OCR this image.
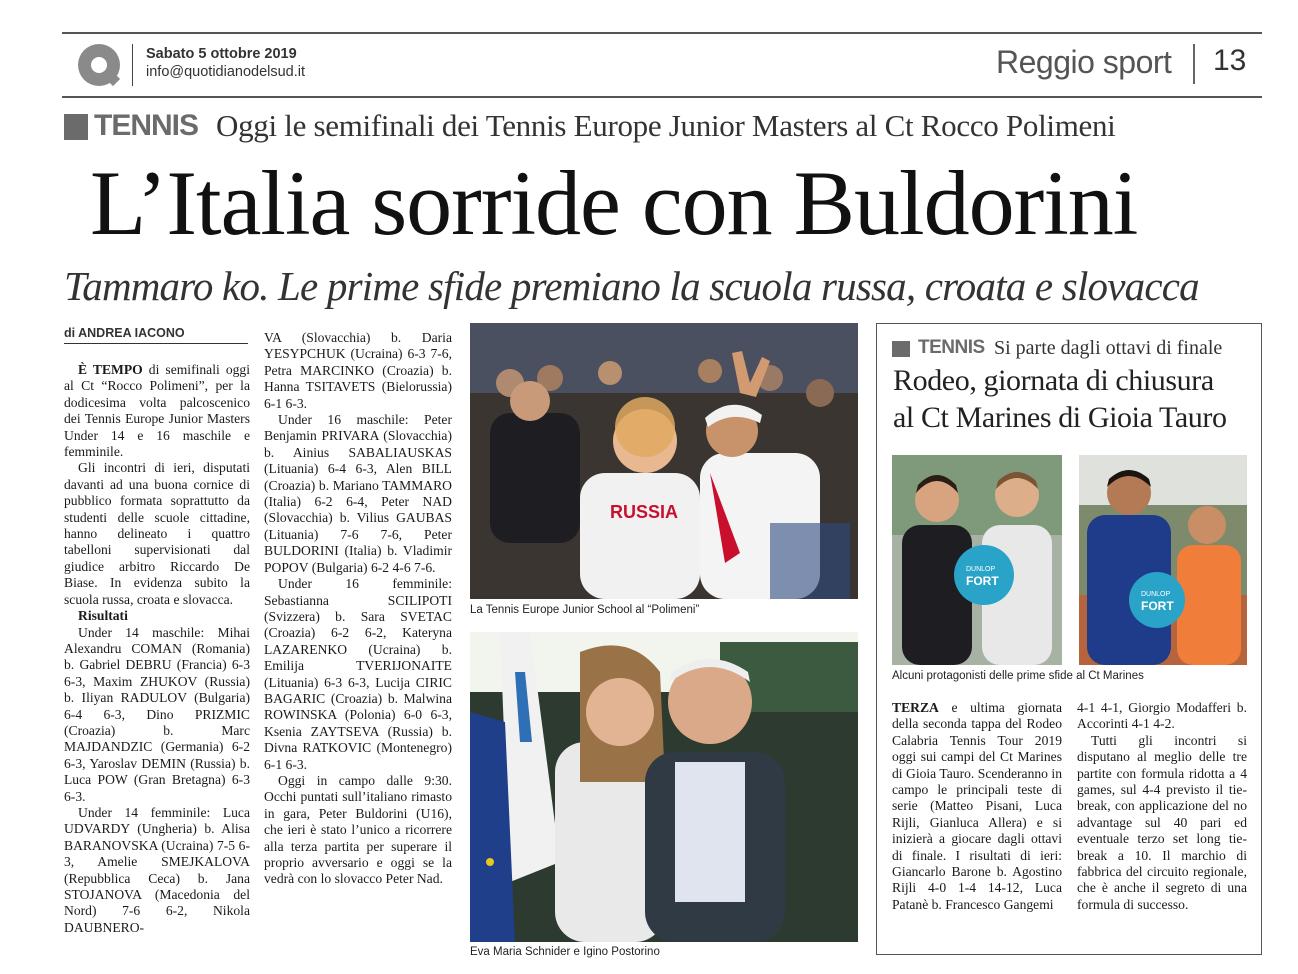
Sabato 5 ottobre 2019
info@quotidianodelsud.it	Reggio sport 13
TENNIS Oggi le semifinali dei Tennis Europe Junior Masters al Ct Rocco Polimeni
L’Italia sorride con Buldorini
Tammaro ko. Le prime sfide premiano la scuola russa, croata e slovacca
di ANDREA IACONO

È TEMPO di semifinali oggi al Ct “Rocco Polimeni”, per la dodicesima volta palcoscenico dei Tennis Europe Junior Masters Under 14 e 16 maschile e femminile.

Gli incontri di ieri, disputati davanti ad una buona cornice di pubblico formata soprattutto da studenti delle scuole cittadine, hanno delineato i quattro tabelloni supervisionati dal giudice arbitro Riccardo De Biase. In evidenza subito la scuola russa, croata e slovacca.

Risultati

Under 14 maschile: Mihai Alexandru COMAN (Romania) b. Gabriel DEBRU (Francia) 6-3 6-3, Maxim ZHUKOV (Russia) b. Iliyan RADULOV (Bulgaria) 6-4 6-3, Dino PRIZMIC (Croazia) b. Marc MAJDANDZIC (Germania) 6-2 6-3, Yaroslav DEMIN (Russia) b. Luca POW (Gran Bretagna) 6-3 6-3.

Under 14 femminile: Luca UDVARDY (Ungheria) b. Alisa BARANOVSKA (Ucraina) 7-5 6-3, Amelie SMEJKALOVA (Repubblica Ceca) b. Jana STOJANOVA (Macedonia del Nord) 7-6 6-2, Nikola DAUBNERO-

VA (Slovacchia) b. Daria YESYPCHUK (Ucraina) 6-3 7-6, Petra MARCINKO (Croazia) b. Hanna TSITAVETS (Bielorussia) 6-1 6-3.

Under 16 maschile: Peter Benjamin PRIVARA (Slovacchia) b. Ainius SABALIAUSKAS (Lituania) 6-4 6-3, Alen BILL (Croazia) b. Mariano TAMMARO (Italia) 6-2 6-4, Peter NAD (Slovacchia) b. Vilius GAUBAS (Lituania) 7-6 7-6, Peter BULDORINI (Italia) b. Vladimir POPOV (Bulgaria) 6-2 4-6 7-6.

Under 16 femminile: Sebastianna SCILIPOTI (Svizzera) b. Sara SVETAC (Croazia) 6-2 6-2, Kateryna LAZARENKO (Ucraina) b. Emilija TVERIJONAITE (Lituania) 6-3 6-3, Lucija CIRIC BAGARIC (Croazia) b. Malwina ROWINSKA (Polonia) 6-0 6-3, Ksenia ZAYTSEVA (Russia) b. Divna RATKOVIC (Montenegro) 6-1 6-3.

Oggi in campo dalle 9:30. Occhi puntati sull’italiano rimasto in gara, Peter Buldorini (U16), che ieri è stato l’unico a ricorrere alla terza partita per superare il proprio avversario e oggi se la vedrà con lo slovacco Peter Nad.

RUSSIA
La Tennis Europe Junior School al “Polimeni”
Eva Maria Schnider e Igino Postorino
TENNIS Si parte dagli ottavi di finale
Rodeo, giornata di chiusura
al Ct Marines di Gioia Tauro
DUNLOP
FORT
DUNLOP
FORT
Alcuni protagonisti delle prime sfide al Ct Marines

TERZA e ultima giornata della seconda tappa del Rodeo Calabria Tennis Tour 2019 oggi sui campi del Ct Marines di Gioia Tauro. Scenderanno in campo le principali teste di serie (Matteo Pisani, Luca Rijli, Gianluca Allera) e si inizierà a giocare dagli ottavi di finale. I risultati di ieri: Giancarlo Barone b. Agostino Rijli 4-0 1-4 14-12, Luca Patanè b. Francesco Gangemi

4-1 4-1, Giorgio Modafferi b. Accorinti 4-1 4-2.

Tutti gli incontri si disputano al meglio delle tre partite con formula ridotta a 4 games, sul 4-4 previsto il tie-break, con applicazione del no advantage sul 40 pari ed eventuale terzo set long tie-break a 10. Il marchio di fabbrica del circuito regionale, che è anche il segreto di una formula di successo.
